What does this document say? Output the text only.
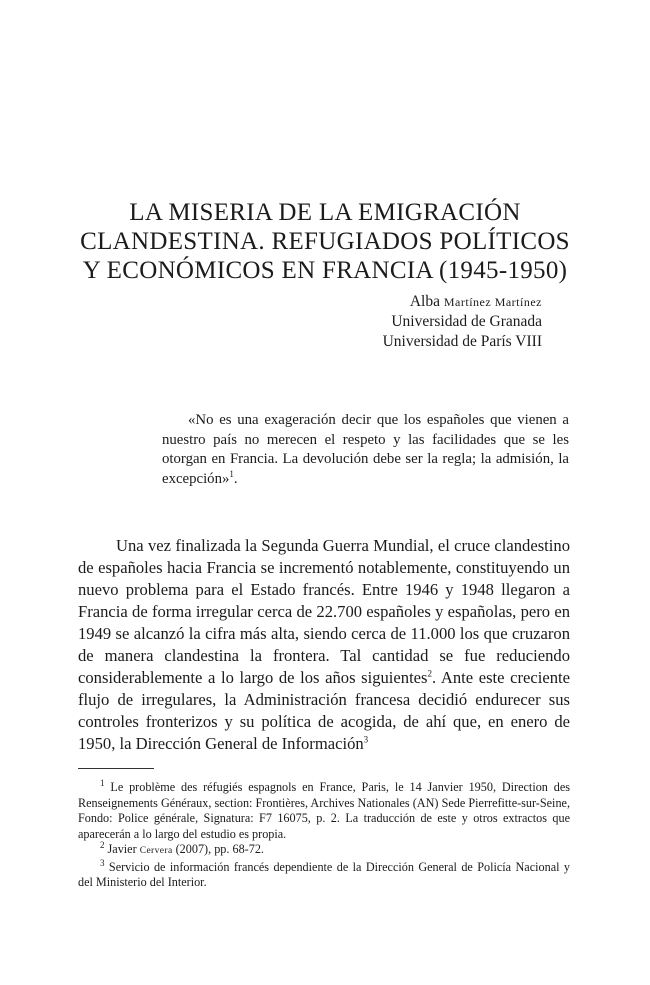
LA MISERIA DE LA EMIGRACIÓN
CLANDESTINA. REFUGIADOS POLÍTICOS
Y ECONÓMICOS EN FRANCIA (1945-1950)
Alba Martínez Martínez
Universidad de Granada
Universidad de París VIII

«No es una exageración decir que los españoles que vienen a nuestro país no merecen el respeto y las facilidades que se les otorgan en Francia. La devolución debe ser la regla; la admisión, la excepción»$^1$.

Una vez finalizada la Segunda Guerra Mundial, el cruce clandestino de españoles hacia Francia se incrementó notablemente, constituyendo un nuevo problema para el Estado francés. Entre 1946 y 1948 llegaron a Francia de forma irregular cerca de 22.700 españoles y españolas, pero en 1949 se alcanzó la cifra más alta, siendo cerca de 11.000 los que cruzaron de manera clandestina la frontera. Tal cantidad se fue reduciendo considerablemente a lo largo de los años siguientes$^2$. Ante este creciente flujo de irregulares, la Administración francesa decidió endurecer sus controles fronterizos y su política de acogida, de ahí que, en enero de 1950, la Dirección General de Información$^3$

$^1$ Le problème des réfugiés espagnols en France, Paris, le 14 Janvier 1950, Direction des Renseignements Généraux, section: Frontières, Archives Nationales (AN) Sede Pierrefitte-sur-Seine, Fondo: Police générale, Signatura: F7 16075, p. 2. La traducción de este y otros extractos que aparecerán a lo largo del estudio es propia.

$^2$ Javier Cervera (2007), pp. 68-72.

$^3$ Servicio de información francés dependiente de la Dirección General de Policía Nacional y del Ministerio del Interior.
